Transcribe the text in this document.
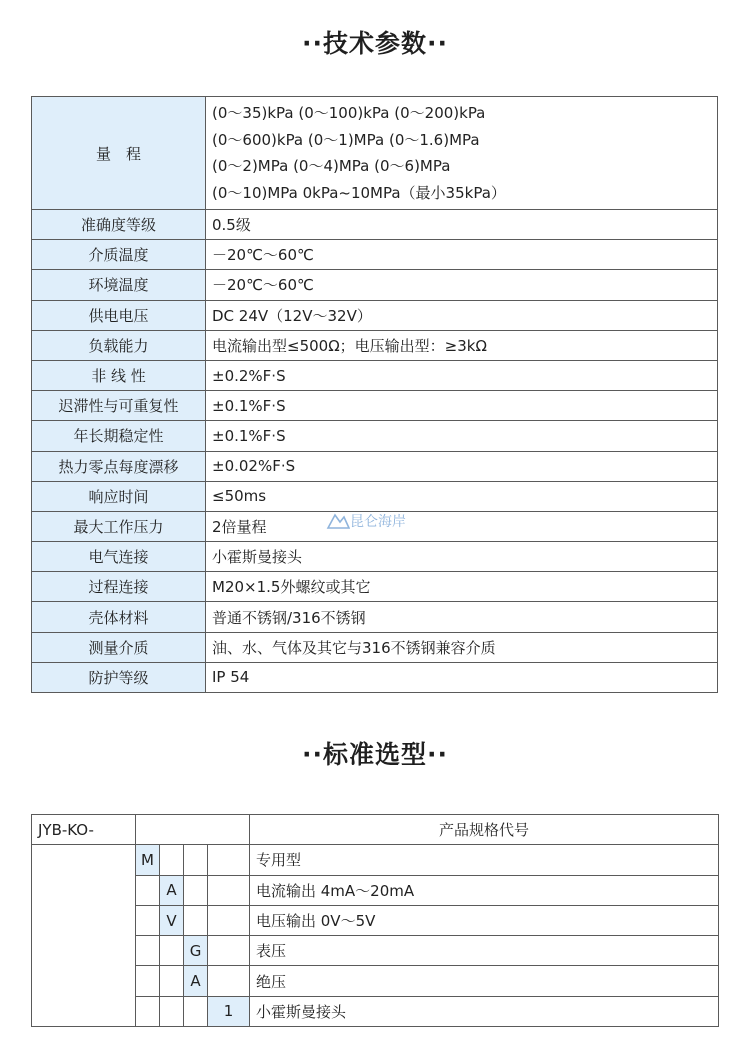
··技术参数··
量　程	(0～35)kPa (0～100)kPa (0～200)kPa
(0～600)kPa (0～1)MPa (0～1.6)MPa
(0～2)MPa (0～4)MPa (0～6)MPa
(0～10)MPa 0kPa~10MPa（最小35kPa）

准确度等级	0.5级
介质温度	－20℃～60℃
环境温度	－20℃～60℃
供电电压	DC 24V（12V～32V）
负载能力	电流输出型≤500Ω；电压输出型：≥3kΩ
非 线 性	±0.2%F·S
迟滞性与可重复性	±0.1%F·S
年长期稳定性	±0.1%F·S
热力零点每度漂移	±0.02%F·S
响应时间	≤50ms
最大工作压力	2倍量程
电气连接	小霍斯曼接头
过程连接	M20×1.5外螺纹或其它
壳体材料	普通不锈钢/316不锈钢
测量介质	油、水、气体及其它与316不锈钢兼容介质
防护等级	IP 54
昆仑海岸
··标准选型··
JYB-KO-					产品规格代号
	M				专用型
		A			电流输出 4mA～20mA
		V			电压输出 0V～5V
			G		表压
			A		绝压
				1	小霍斯曼接头
